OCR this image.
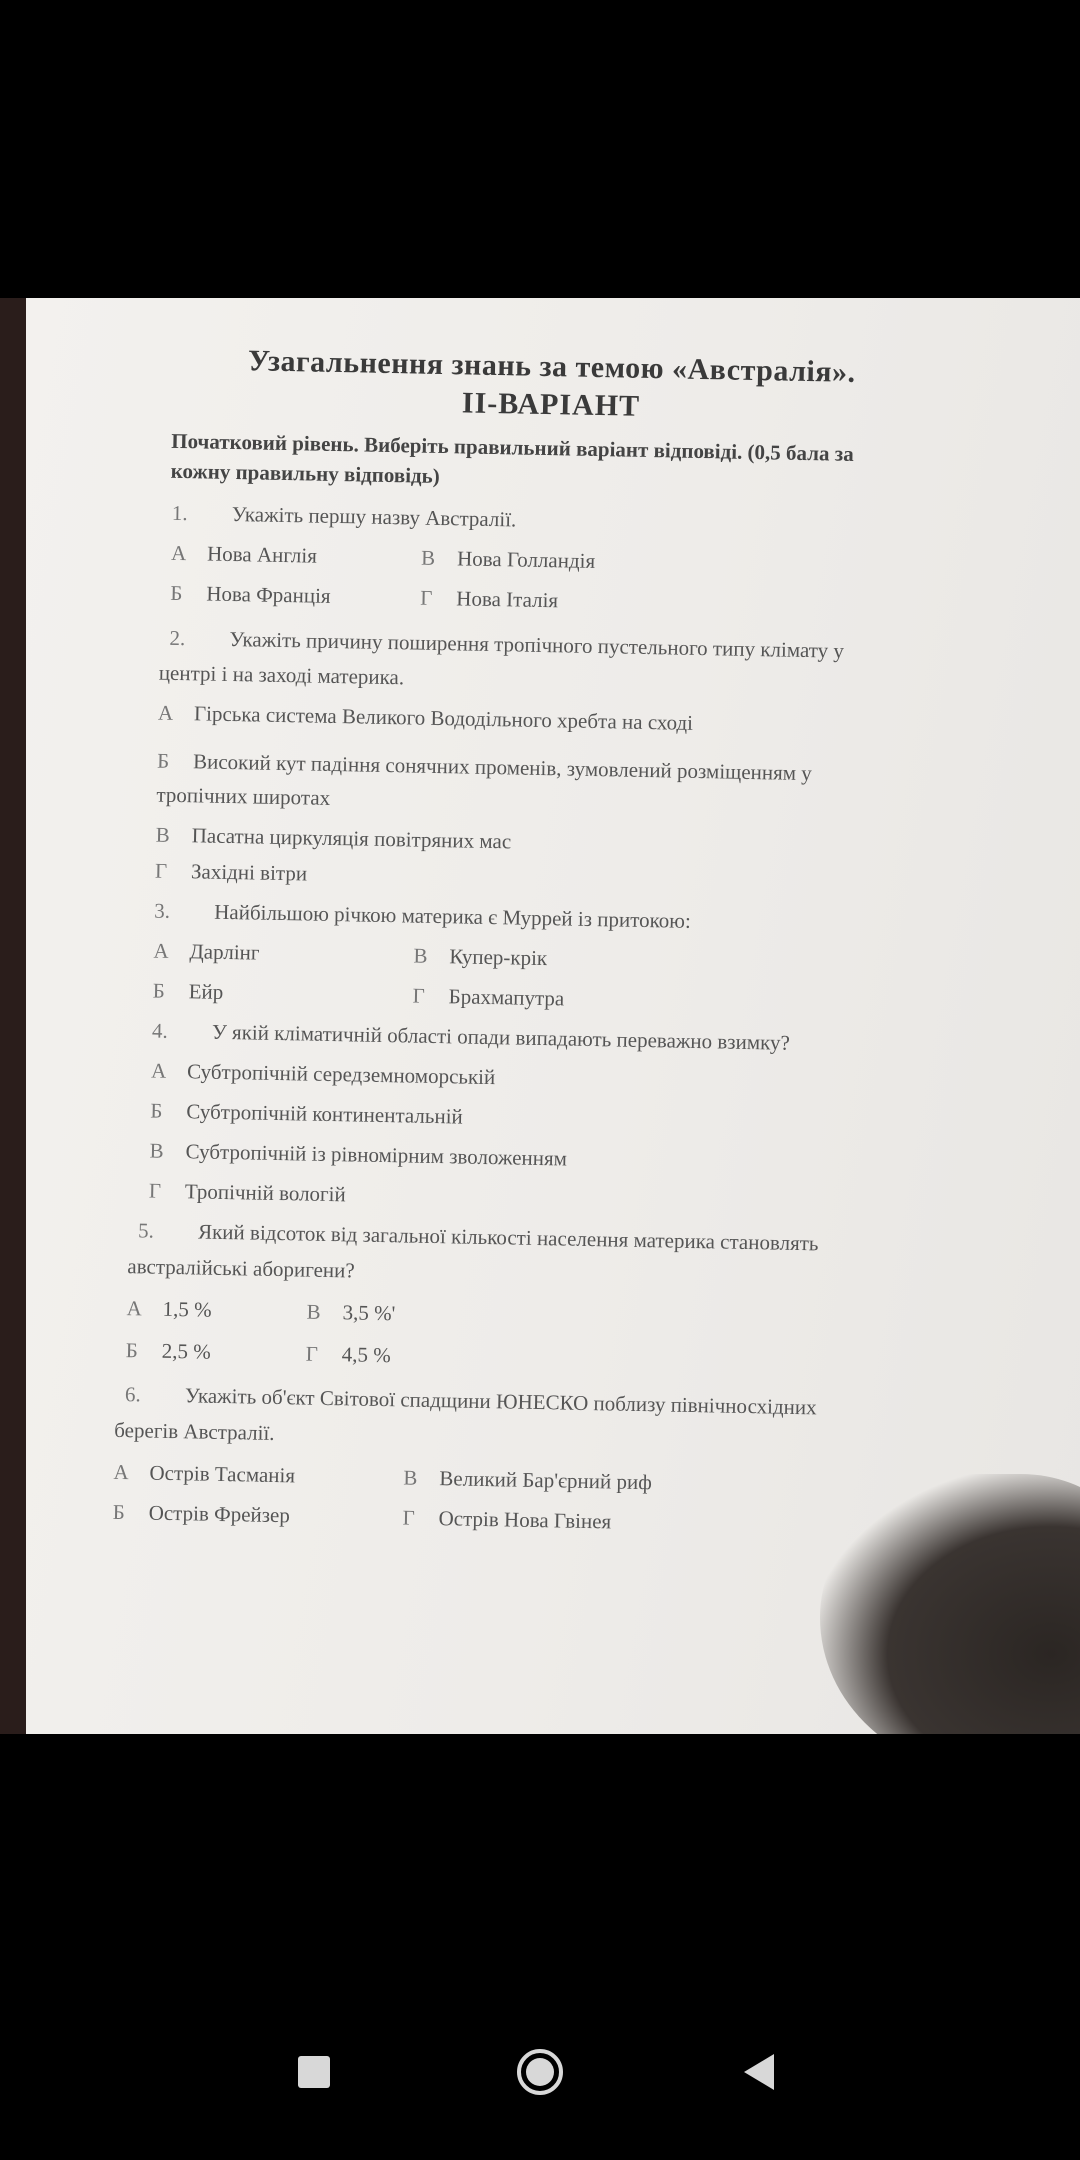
Узагальнення знань за темою «Австралія».
ІІ-ВАРІАНТ
Початковий рівень. Виберіть правильний варіант відповіді. (0,5 бала за
кожну правильну відповідь)
1. Укажіть першу назву Австралії.
А Нова Англія	В Нова Голландія
Б Нова Франція	Г Нова Італія
2. Укажіть причину поширення тропічного пустельного типу клімату у
центрі і на заході материка.
А Гірська система Великого Вододільного хребта на сході
Б Високий кут падіння сонячних променів, зумовлений розміщенням у
тропічних широтах
В Пасатна циркуляція повітряних мас
Г Західні вітри
3. Найбільшою річкою материка є Муррей із притокою:
А Дарлінг	В Купер-крік
Б Ейр	Г Брахмапутра
4. У якій кліматичній області опади випадають переважно взимку?
А Субтропічній середземноморській
Б Субтропічній континентальній
В Субтропічній із рівномірним зволоженням
Г Тропічній вологій
5. Який відсоток від загальної кількості населення материка становлять
австралійські аборигени?
А 1,5 %	В 3,5 %'
Б 2,5 %	Г 4,5 %
6. Укажіть об'єкт Світової спадщини ЮНЕСКО поблизу північносхідних
берегів Австралії.
А Острів Тасманія	В Великий Бар'єрний риф
Б Острів Фрейзер	Г Острів Нова Гвінея
